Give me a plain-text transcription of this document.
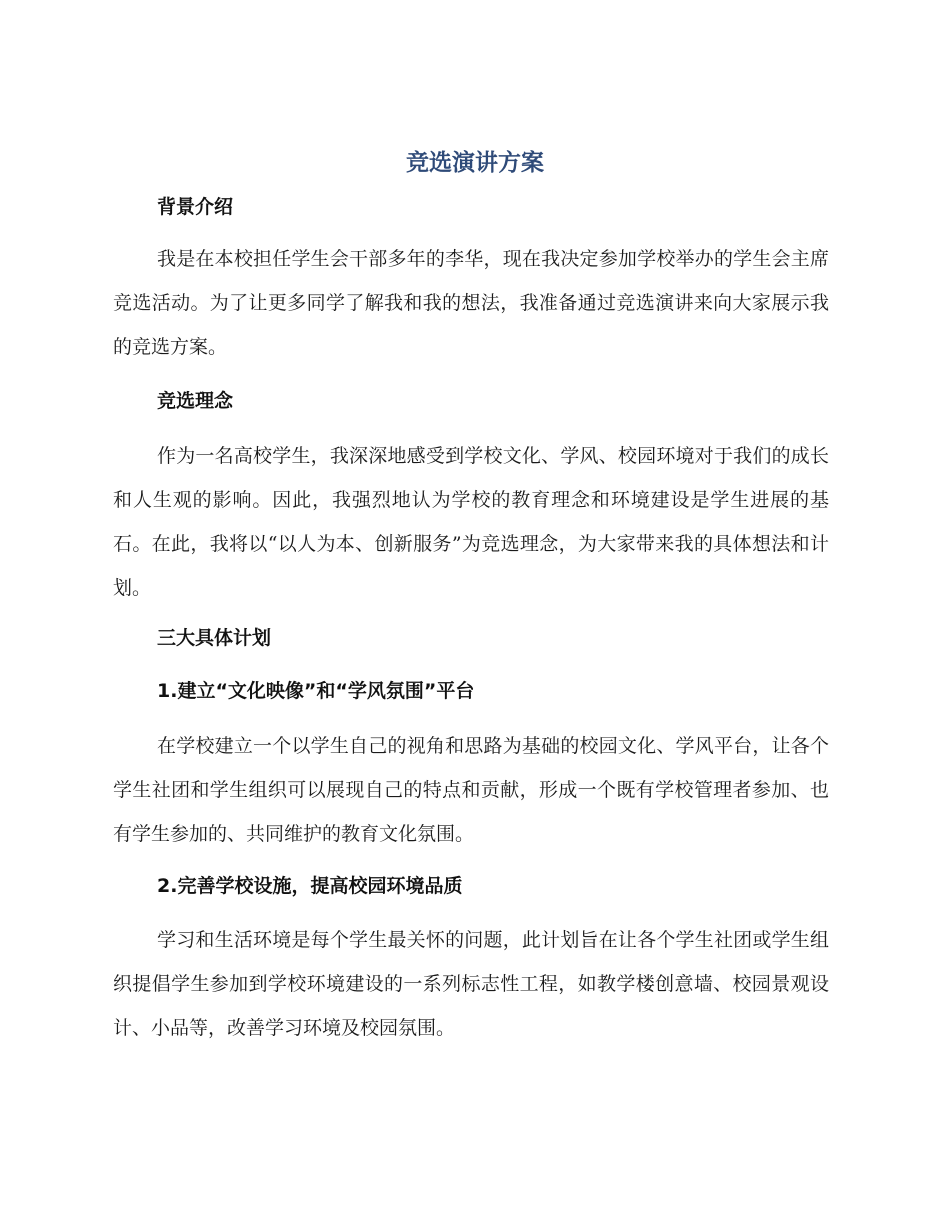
竞选演讲方案
背景介绍

我是在本校担任学生会干部多年的李华，现在我决定参加学校举办的学生会主席竞选活动。为了让更多同学了解我和我的想法，我准备通过竞选演讲来向大家展示我的竞选方案。

竞选理念

作为一名高校学生，我深深地感受到学校文化、学风、校园环境对于我们的成长和人生观的影响。因此，我强烈地认为学校的教育理念和环境建设是学生进展的基石。在此，我将以“以人为本、创新服务”为竞选理念，为大家带来我的具体想法和计划。

三大具体计划
1.建立“文化映像”和“学风氛围”平台

在学校建立一个以学生自己的视角和思路为基础的校园文化、学风平台，让各个学生社团和学生组织可以展现自己的特点和贡献，形成一个既有学校管理者参加、也有学生参加的、共同维护的教育文化氛围。

2.完善学校设施，提高校园环境品质

学习和生活环境是每个学生最关怀的问题，此计划旨在让各个学生社团或学生组织提倡学生参加到学校环境建设的一系列标志性工程，如教学楼创意墙、校园景观设计、小品等，改善学习环境及校园氛围。
